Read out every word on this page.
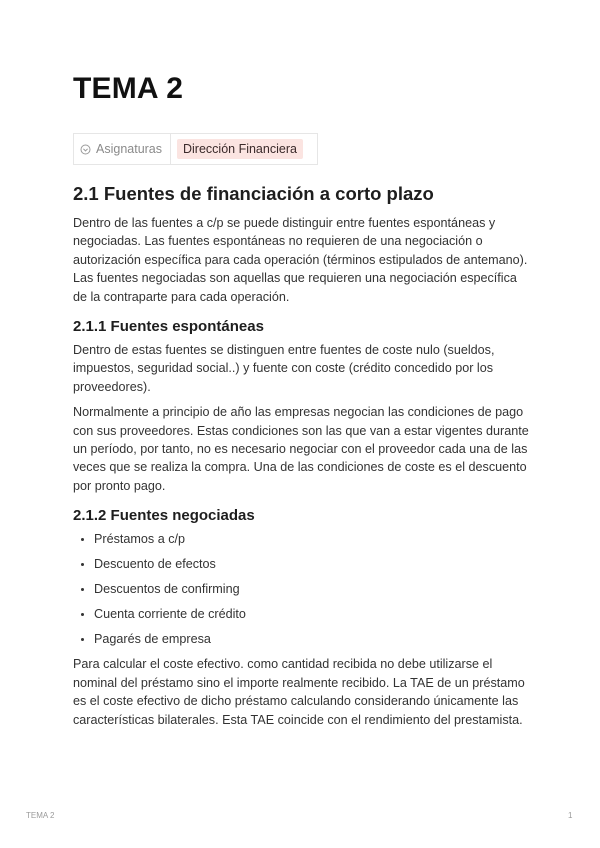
TEMA 2
Asignaturas	Dirección Financiera
2.1 Fuentes de financiación a corto plazo

Dentro de las fuentes a c/p se puede distinguir entre fuentes espontáneas y negociadas. Las fuentes espontáneas no requieren de una negociación o autorización específica para cada operación (términos estipulados de antemano). Las fuentes negociadas son aquellas que requieren una negociación específica de la contraparte para cada operación.

2.1.1 Fuentes espontáneas

Dentro de estas fuentes se distinguen entre fuentes de coste nulo (sueldos, impuestos, seguridad social..) y fuente con coste (crédito concedido por los proveedores).

Normalmente a principio de año las empresas negocian las condiciones de pago con sus proveedores. Estas condiciones son las que van a estar vigentes durante un período, por tanto, no es necesario negociar con el proveedor cada una de las veces que se realiza la compra. Una de las condiciones de coste es el descuento por pronto pago.

2.1.2 Fuentes negociadas
• Préstamos a c/p
• Descuento de efectos
• Descuentos de confirming
• Cuenta corriente de crédito
• Pagarés de empresa

Para calcular el coste efectivo. como cantidad recibida no debe utilizarse el nominal del préstamo sino el importe realmente recibido. La TAE de un préstamo es el coste efectivo de dicho préstamo calculando considerando únicamente las características bilaterales. Esta TAE coincide con el rendimiento del prestamista.

TEMA 2	1
